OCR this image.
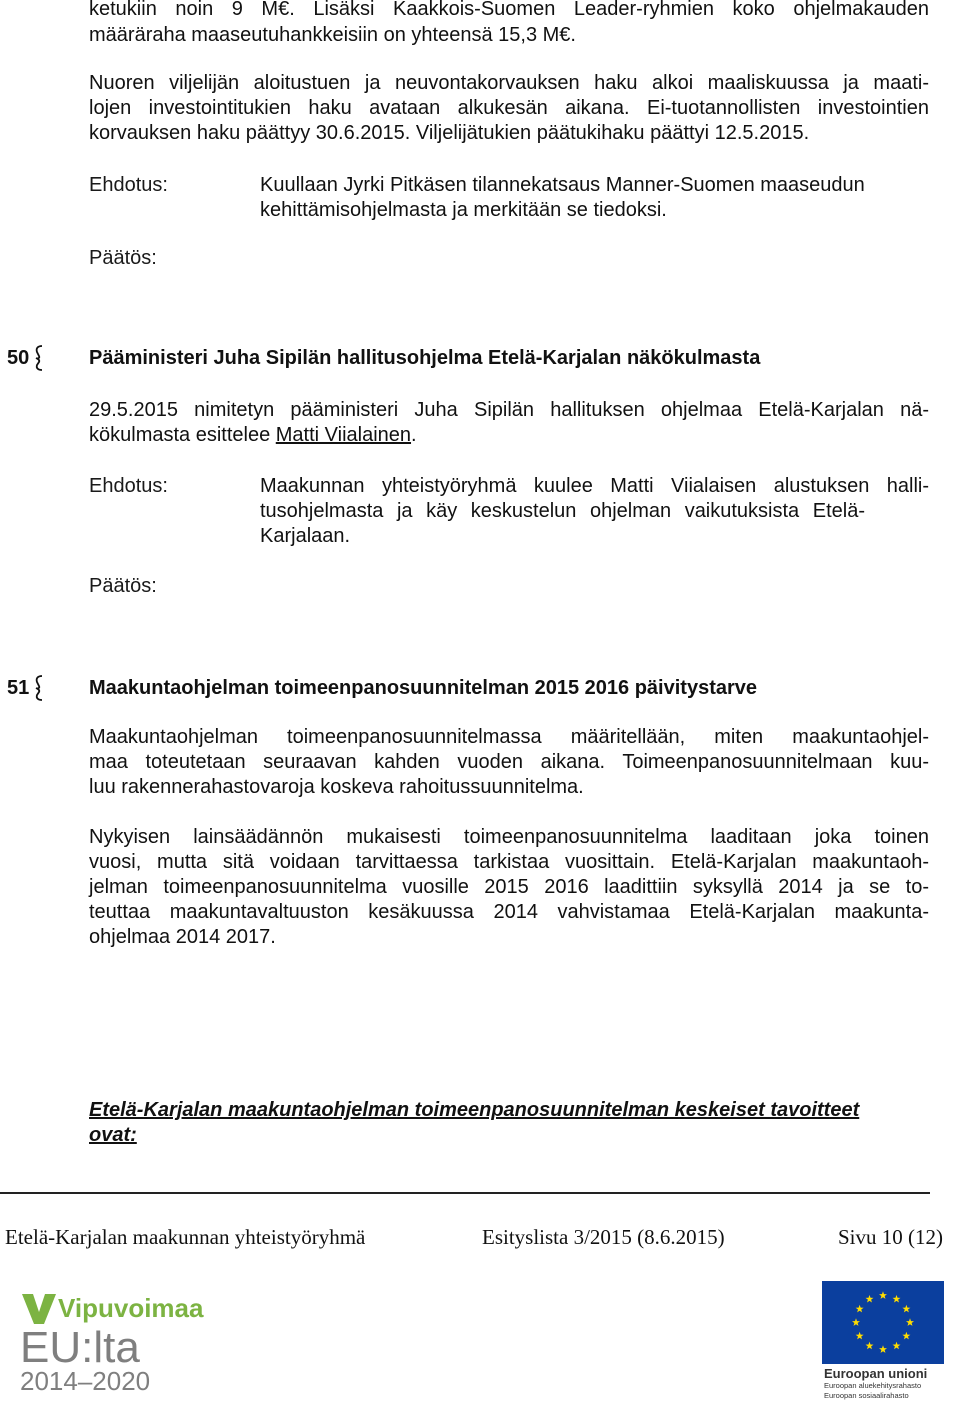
ketukiin noin 9 M€. Lisäksi Kaakkois-Suomen Leader-ryhmien koko ohjelmakauden
määräraha maaseutuhankkeisiin on yhteensä 15,3 M€.
Nuoren viljelijän aloitustuen ja neuvontakorvauksen haku alkoi maaliskuussa ja maati-
lojen investointitukien haku avataan alkukesän aikana. Ei-tuotannollisten investointien
korvauksen haku päättyy 30.6.2015. Viljelijätukien päätukihaku päättyi 12.5.2015.
Ehdotus:	Kuullaan Jyrki Pitkäsen tilannekatsaus Manner-Suomen maaseudun
kehittämisohjelmasta ja merkitään se tiedoksi.
Päätös:
50	Pääministeri Juha Sipilän hallitusohjelma Etelä-Karjalan näkökulmasta
29.5.2015 nimitetyn pääministeri Juha Sipilän hallituksen ohjelmaa Etelä-Karjalan nä-
kökulmasta esittelee Matti Viialainen.
Ehdotus:	Maakunnan yhteistyöryhmä kuulee Matti Viialaisen alustuksen halli-
tusohjelmasta ja käy keskustelun ohjelman vaikutuksista Etelä-
Karjalaan.
Päätös:
51	Maakuntaohjelman toimeenpanosuunnitelman 2015 2016 päivitystarve
Maakuntaohjelman toimeenpanosuunnitelmassa määritellään, miten maakuntaohjel-
maa toteutetaan seuraavan kahden vuoden aikana. Toimeenpanosuunnitelmaan kuu-
luu rakennerahastovaroja koskeva rahoitussuunnitelma.
Nykyisen lainsäädännön mukaisesti toimeenpanosuunnitelma laaditaan joka toinen
vuosi, mutta sitä voidaan tarvittaessa tarkistaa vuosittain. Etelä-Karjalan maakuntaoh-
jelman toimeenpanosuunnitelma vuosille 2015 2016 laadittiin syksyllä 2014 ja se to-
teuttaa maakuntavaltuuston kesäkuussa 2014 vahvistamaa Etelä-Karjalan maakunta-
ohjelmaa 2014 2017.
Etelä-Karjalan maakuntaohjelman toimeenpanosuunnitelman keskeiset tavoitteet
ovat:
Etelä-Karjalan maakunnan yhteistyöryhmä	Esityslista 3/2015 (8.6.2015)	Sivu 10 (12)
Vipuvoimaa
EU:lta
2014–2020	Euroopan unioni
Euroopan aluekehitysrahasto
Euroopan sosiaalirahasto
